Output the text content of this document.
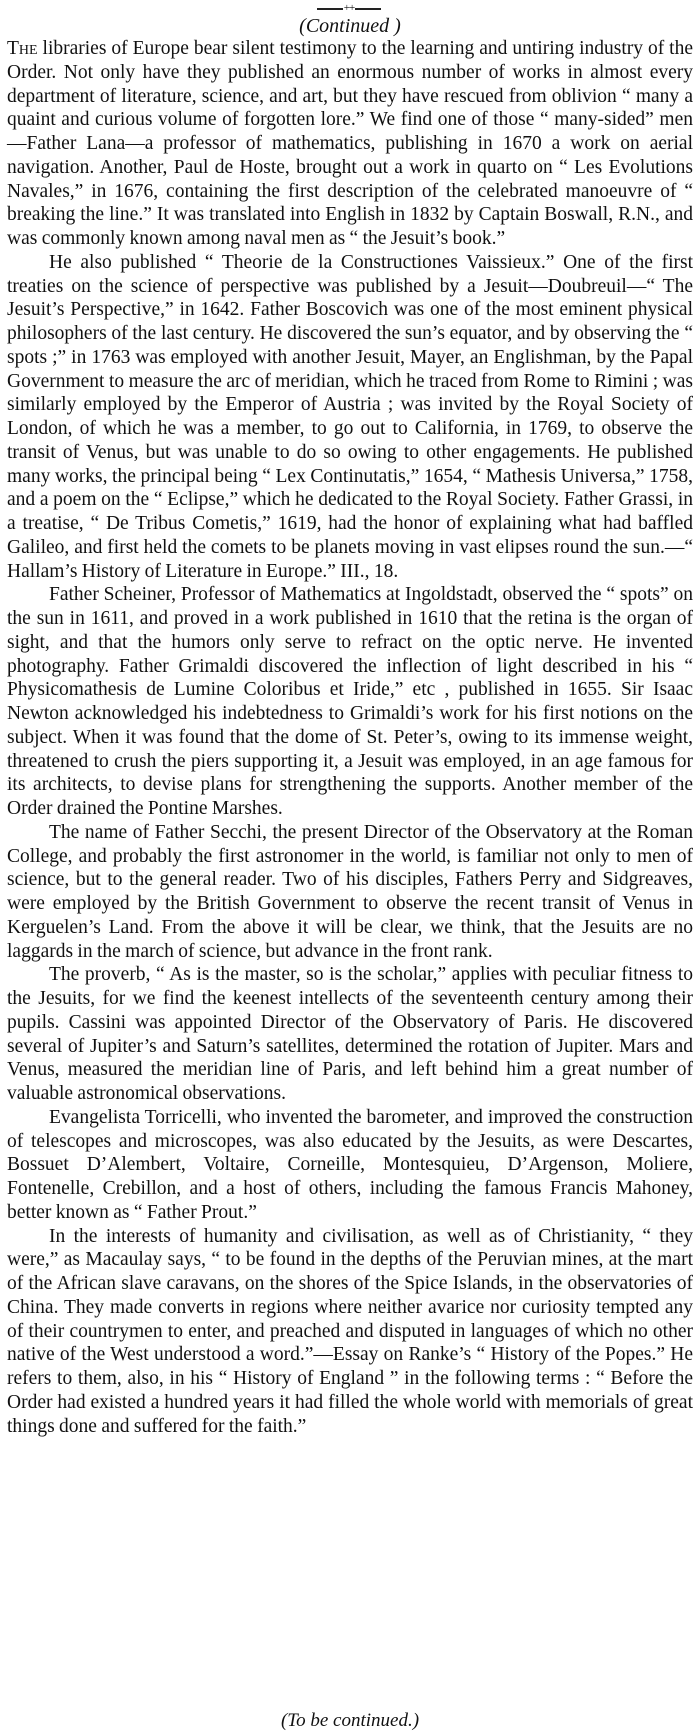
++
(Continued )

The libraries of Europe bear silent testimony to the learning and untiring industry of the Order. Not only have they published an enormous number of works in almost every department of literature, science, and art, but they have rescued from oblivion “ many a quaint and curious volume of forgotten lore.” We find one of those “ many-sided” men—Father Lana—a professor of mathematics, publishing in 1670 a work on aerial navigation. Another, Paul de Hoste, brought out a work in quarto on “ Les Evolutions Navales,” in 1676, containing the first description of the celebrated manoeuvre of “ breaking the line.” It was translated into English in 1832 by Captain Boswall, R.N., and was commonly known among naval men as “ the Jesuit’s book.”

He also published “ Theorie de la Constructiones Vaissieux.” One of the first treaties on the science of perspective was published by a Jesuit—Doubreuil—“ The Jesuit’s Perspective,” in 1642. Father Boscovich was one of the most eminent physical philosophers of the last century. He discovered the sun’s equator, and by observing the “ spots ;” in 1763 was employed with another Jesuit, Mayer, an Englishman, by the Papal Government to measure the arc of meridian, which he traced from Rome to Rimini ; was similarly employed by the Emperor of Austria ; was invited by the Royal Society of London, of which he was a member, to go out to California, in 1769, to observe the transit of Venus, but was unable to do so owing to other engagements. He published many works, the principal being “ Lex Continutatis,” 1654, “ Mathesis Universa,” 1758, and a poem on the “ Eclipse,” which he dedicated to the Royal Society. Father Grassi, in a treatise, “ De Tribus Cometis,” 1619, had the honor of explaining what had baffled Galileo, and first held the comets to be planets moving in vast elipses round the sun.—“ Hallam’s History of Literature in Europe.” III., 18.

Father Scheiner, Professor of Mathematics at Ingoldstadt, observed the “ spots” on the sun in 1611, and proved in a work published in 1610 that the retina is the organ of sight, and that the humors only serve to refract on the optic nerve. He invented photography. Father Grimaldi discovered the inflection of light described in his “ Physicomathesis de Lumine Coloribus et Iride,” etc , published in 1655. Sir Isaac Newton acknowledged his indebtedness to Grimaldi’s work for his first notions on the subject. When it was found that the dome of St. Peter’s, owing to its immense weight, threatened to crush the piers supporting it, a Jesuit was employed, in an age famous for its architects, to devise plans for strengthening the supports. Another member of the Order drained the Pontine Marshes.

The name of Father Secchi, the present Director of the Observatory at the Roman College, and probably the first astronomer in the world, is familiar not only to men of science, but to the general reader. Two of his disciples, Fathers Perry and Sidgreaves, were employed by the British Government to observe the recent transit of Venus in Kerguelen’s Land. From the above it will be clear, we think, that the Jesuits are no laggards in the march of science, but advance in the front rank.

The proverb, “ As is the master, so is the scholar,” applies with peculiar fitness to the Jesuits, for we find the keenest intellects of the seventeenth century among their pupils. Cassini was appointed Director of the Observatory of Paris. He discovered several of Jupiter’s and Saturn’s satellites, determined the rotation of Jupiter. Mars and Venus, measured the meridian line of Paris, and left behind him a great number of valuable astronomical observations.

Evangelista Torricelli, who invented the barometer, and improved the construction of telescopes and microscopes, was also educated by the Jesuits, as were Descartes, Bossuet D’Alembert, Voltaire, Corneille, Montesquieu, D’Argenson, Moliere, Fontenelle, Crebillon, and a host of others, including the famous Francis Mahoney, better known as “ Father Prout.”

In the interests of humanity and civilisation, as well as of Christianity, “ they were,” as Macaulay says, “ to be found in the depths of the Peruvian mines, at the mart of the African slave caravans, on the shores of the Spice Islands, in the observatories of China. They made converts in regions where neither avarice nor curiosity tempted any of their countrymen to enter, and preached and disputed in languages of which no other native of the West understood a word.”—Essay on Ranke’s “ History of the Popes.” He refers to them, also, in his “ History of England ” in the following terms : “ Before the Order had existed a hundred years it had filled the whole world with memorials of great things done and suffered for the faith.”

(To be continued.)
